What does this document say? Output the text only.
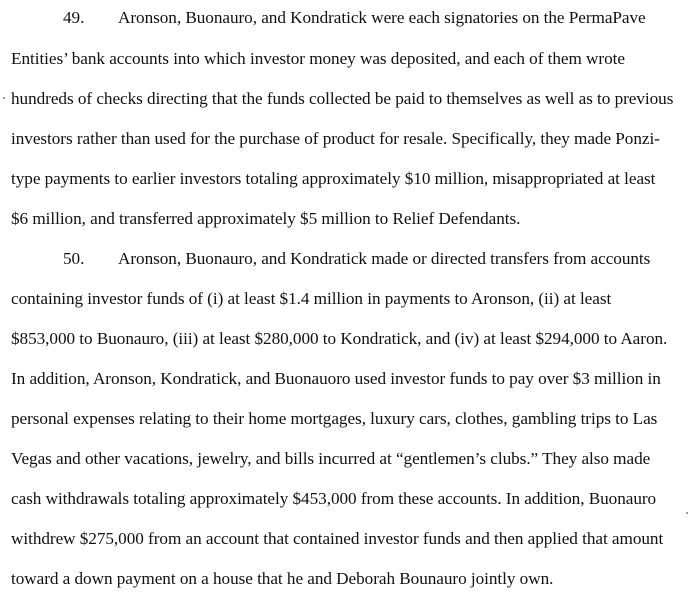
49. Aronson, Buonauro, and Kondratick were each signatories on the PermaPave
Entities’ bank accounts into which investor money was deposited, and each of them wrote
hundreds of checks directing that the funds collected be paid to themselves as well as to previous
investors rather than used for the purchase of product for resale. Specifically, they made Ponzi-
type payments to earlier investors totaling approximately $10 million, misappropriated at least
$6 million, and transferred approximately $5 million to Relief Defendants.
50. Aronson, Buonauro, and Kondratick made or directed transfers from accounts
containing investor funds of (i) at least $1.4 million in payments to Aronson, (ii) at least
$853,000 to Buonauro, (iii) at least $280,000 to Kondratick, and (iv) at least $294,000 to Aaron.
In addition, Aronson, Kondratick, and Buonauoro used investor funds to pay over $3 million in
personal expenses relating to their home mortgages, luxury cars, clothes, gambling trips to Las
Vegas and other vacations, jewelry, and bills incurred at “gentlemen’s clubs.” They also made
cash withdrawals totaling approximately $453,000 from these accounts. In addition, Buonauro
withdrew $275,000 from an account that contained investor funds and then applied that amount
toward a down payment on a house that he and Deborah Bounauro jointly own.
